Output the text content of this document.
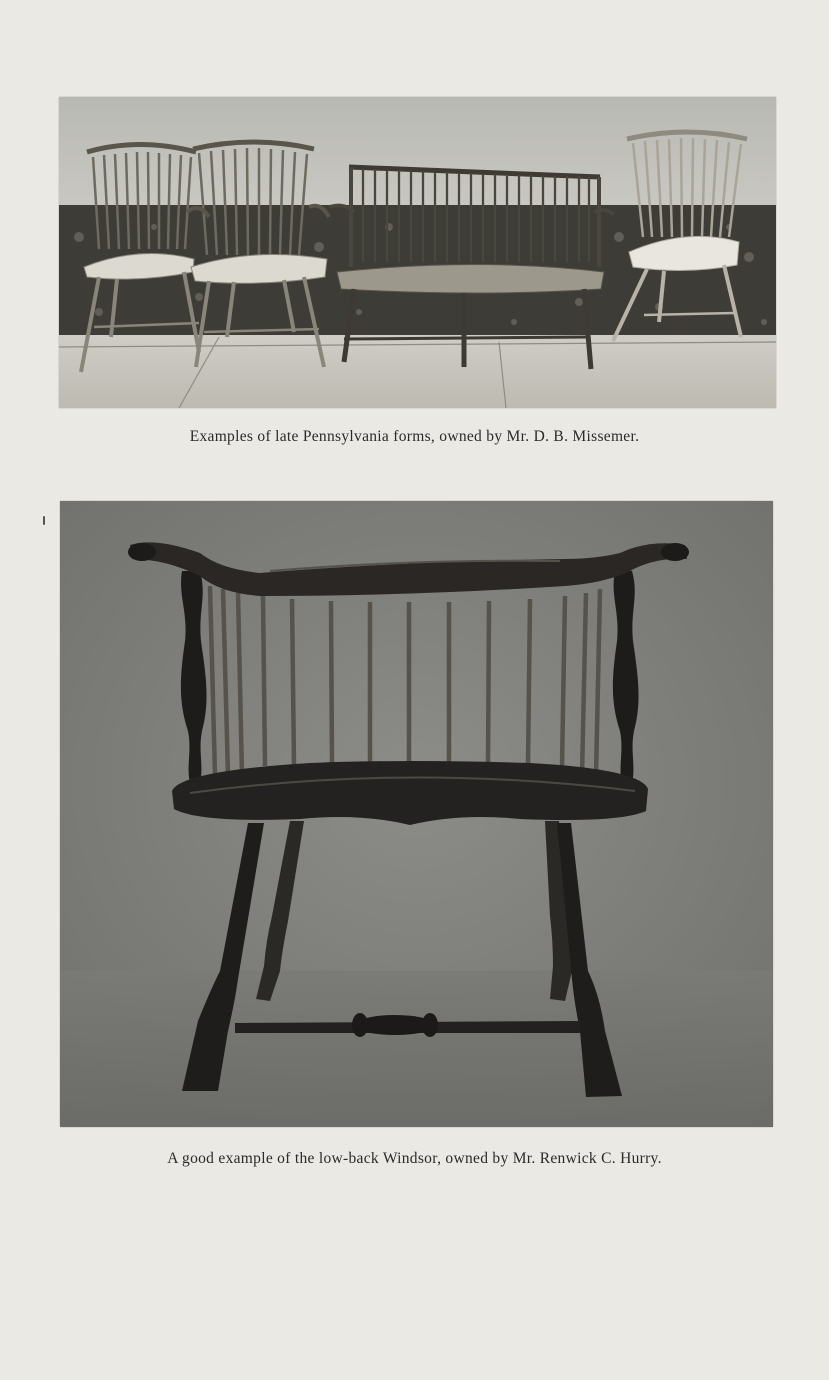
Examples of late Pennsylvania forms, owned by Mr. D. B. Missemer.
A good example of the low-back Windsor, owned by Mr. Renwick C. Hurry.
